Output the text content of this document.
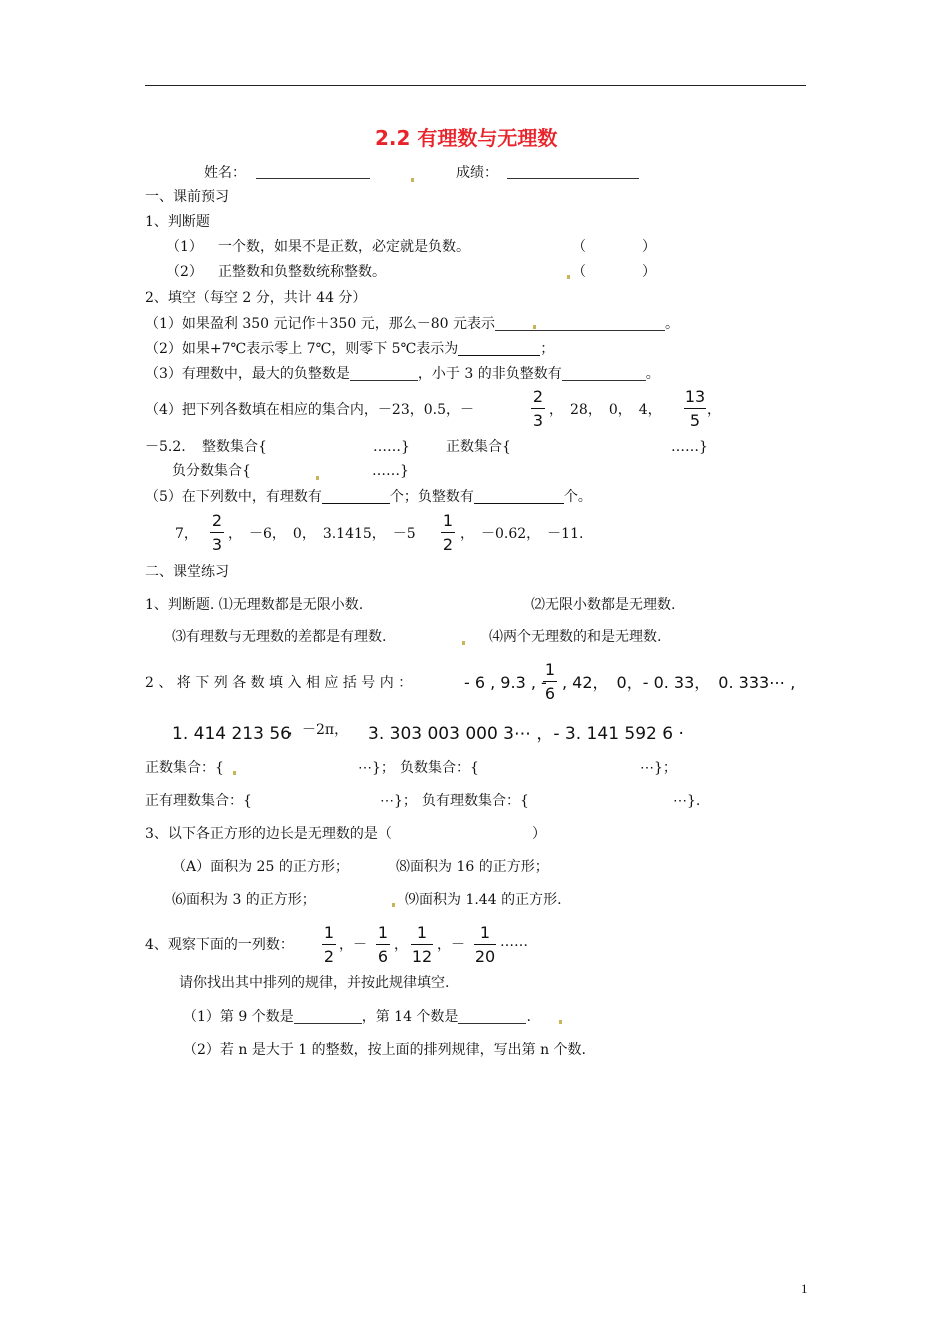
2.2 有理数与无理数
姓名：	成绩：
一、课前预习
1、判断题
（1） 一个数，如果不是正数，必定就是负数。	（　　　　）
（2） 正整数和负整数统称整数。	（　　　　）
2、填空（每空 2 分，共计 44 分）
（1）如果盈利 350 元记作＋350 元，那么－80 元表示	。
（2）如果+7℃表示零上 7℃，则零下 5℃表示为	；
（3）有理数中，最大的负整数是	，小于 3 的非负整数有	。
（4）把下列各数填在相应的集合内，－23，0.5，－
2
3
，　28，　0，　4，
13
5
，
－5.2. 整数集合{	……}	正数集合{	……}
负分数集合{	……}
（5）在下列数中，有理数有	个；负整数有	个。
7，
2
3
，　－6，　0，　3.1415，　－5
1
2
，　－0.62，　－11.
二、课堂练习
1、判断题. ⑴无理数都是无限小数.	⑵无限小数都是无理数.
⑶有理数与无理数的差都是有理数.	⑷两个无理数的和是无理数.
2 、 将 下 列 各 数 填 入 相 应 括 号 内 ：	- 6 , 9.3 , -
1
6
, 42，　0，- 0. 33，　0. 333⋯ ,
1. 414 213 56
，－2π， 3. 303 003 000 3⋯ ，- 3. 141 592 6 ·
正数集合：{	⋯}； 负数集合：{	⋯}；
正有理数集合：{	⋯}； 负有理数集合：{	⋯}.
3、以下各正方形的边长是无理数的是（	）
（A）面积为 25 的正方形；	⑻面积为 16 的正方形；
⑹面积为 3 的正方形；	⑼面积为 1.44 的正方形.
4、观察下面的一列数：
1
2
，－
1
6
，
1
12
，－
1
20
……
请你找出其中排列的规律，并按此规律填空.
（1）第 9 个数是	，第 14 个数是	.
（2）若 n 是大于 1 的整数，按上面的排列规律，写出第 n 个数.
1
